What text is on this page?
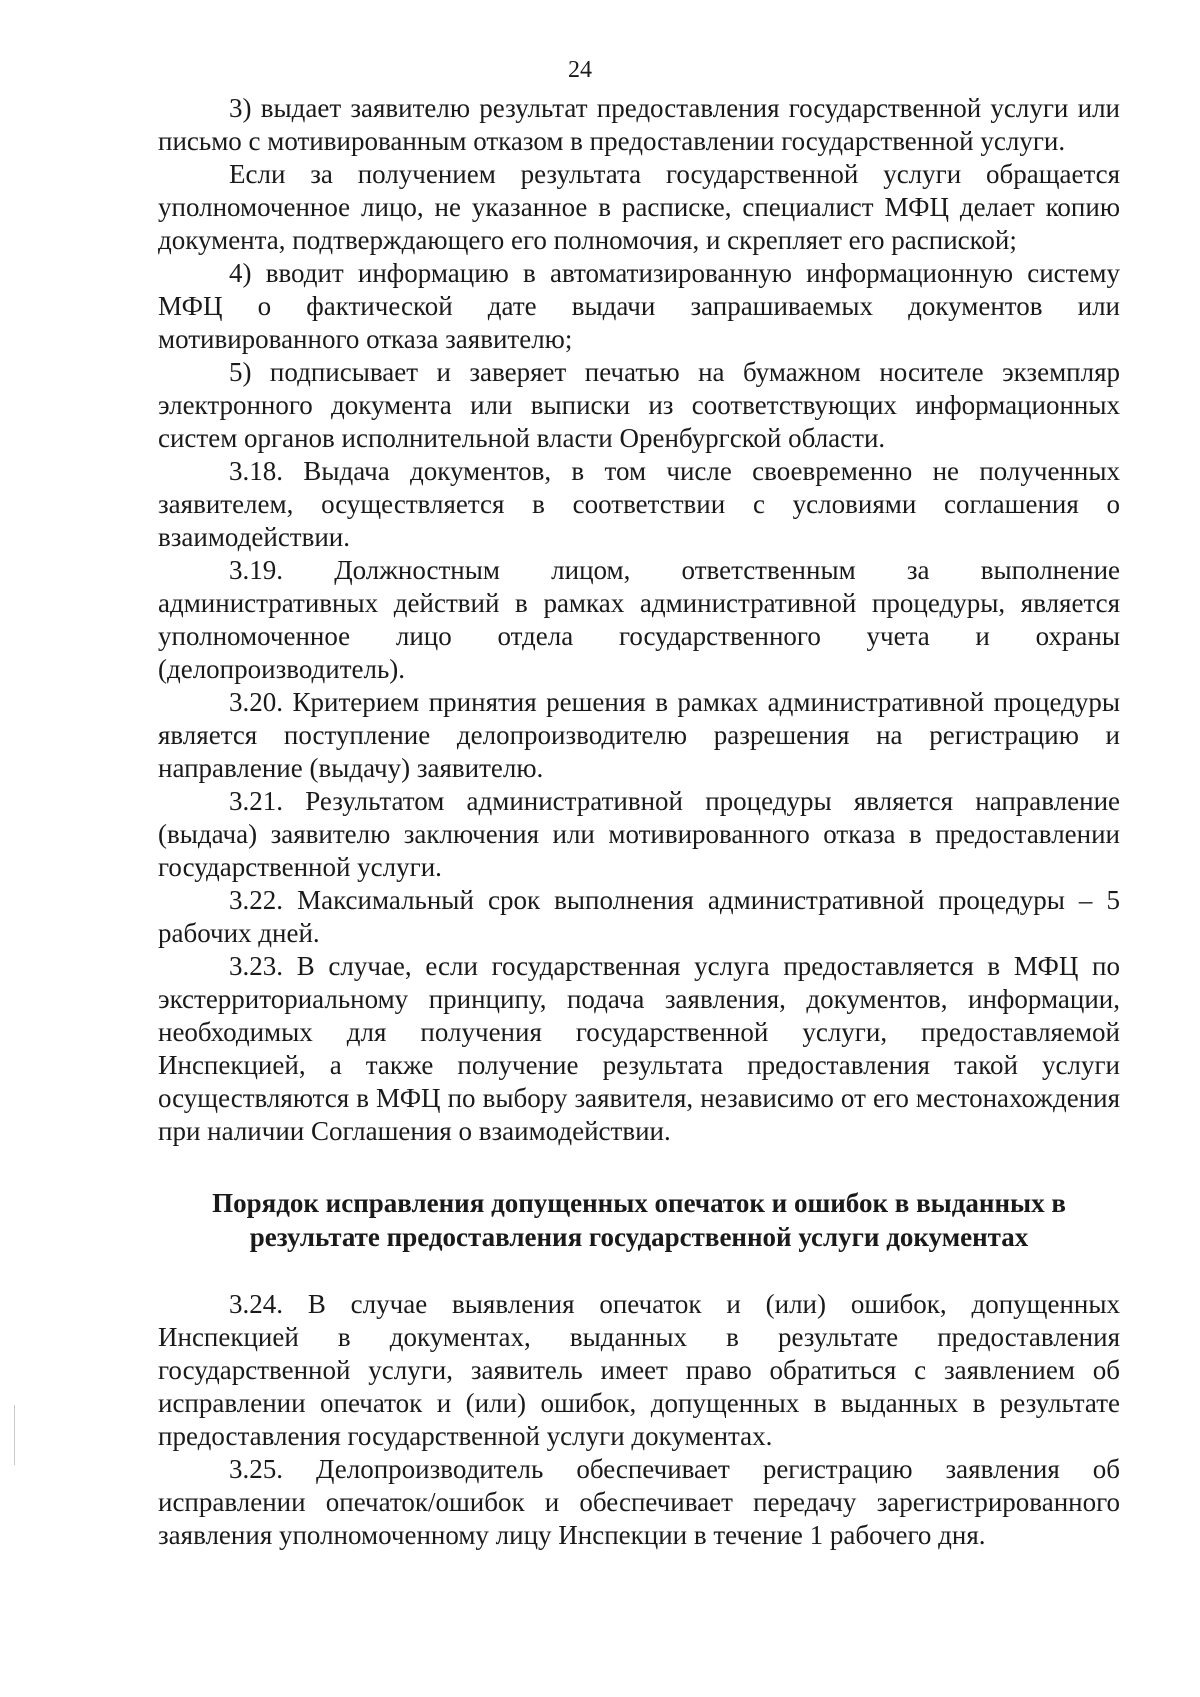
24

3) выдает заявителю результат предоставления государственной услуги или письмо с мотивированным отказом в предоставлении государственной услуги.

Если за получением результата государственной услуги обращается уполномоченное лицо, не указанное в расписке, специалист МФЦ делает копию документа, подтверждающего его полномочия, и скрепляет его распиской;

4) вводит информацию в автоматизированную информационную систему МФЦ о фактической дате выдачи запрашиваемых документов или мотивированного отказа заявителю;

5) подписывает и заверяет печатью на бумажном носителе экземпляр электронного документа или выписки из соответствующих информационных систем органов исполнительной власти Оренбургской области.

3.18. Выдача документов, в том числе своевременно не полученных заявителем, осуществляется в соответствии с условиями соглашения о взаимодействии.

3.19. Должностным лицом, ответственным за выполнение административных действий в рамках административной процедуры, является уполномоченное лицо отдела государственного учета и охраны (делопроизводитель).

3.20. Критерием принятия решения в рамках административной процедуры является поступление делопроизводителю разрешения на регистрацию и направление (выдачу) заявителю.

3.21. Результатом административной процедуры является направление (выдача) заявителю заключения или мотивированного отказа в предоставлении государственной услуги.

3.22. Максимальный срок выполнения административной процедуры – 5 рабочих дней.

3.23. В случае, если государственная услуга предоставляется в МФЦ по экстерриториальному принципу, подача заявления, документов, информации, необходимых для получения государственной услуги, предоставляемой Инспекцией, а также получение результата предоставления такой услуги осуществляются в МФЦ по выбору заявителя, независимо от его местонахождения при наличии Соглашения о взаимодействии.

Порядок исправления допущенных опечаток и ошибок в выданных в результате предоставления государственной услуги документах

3.24. В случае выявления опечаток и (или) ошибок, допущенных Инспекцией в документах, выданных в результате предоставления государственной услуги, заявитель имеет право обратиться с заявлением об исправлении опечаток и (или) ошибок, допущенных в выданных в результате предоставления государственной услуги документах.

3.25. Делопроизводитель обеспечивает регистрацию заявления об исправлении опечаток/ошибок и обеспечивает передачу зарегистрированного заявления уполномоченному лицу Инспекции в течение 1 рабочего дня.
